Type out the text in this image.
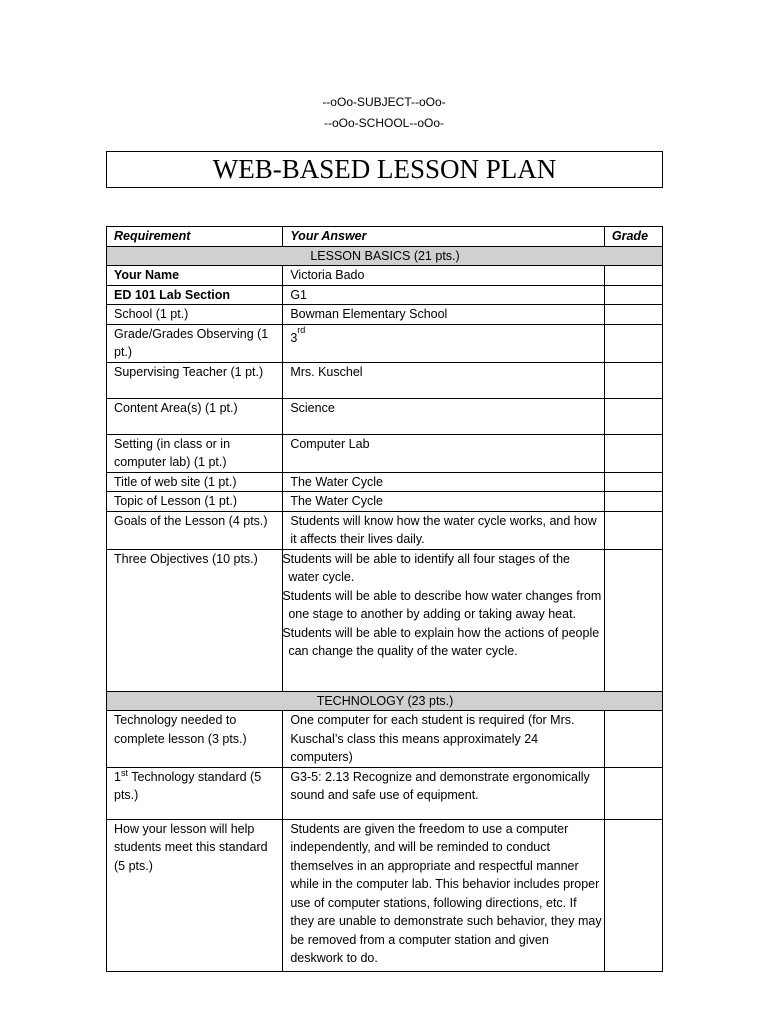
--oOo-SUBJECT--oOo-
--oOo-SCHOOL--oOo-
WEB-BASED LESSON PLAN
Requirement	Your Answer	Grade
LESSON BASICS (21 pts.)		
Your Name	Victoria Bado	
ED 101 Lab Section	G1	
School (1 pt.)	Bowman Elementary School	
Grade/Grades Observing (1 pt.)	3rd	
Supervising Teacher (1 pt.)	Mrs. Kuschel	
Content Area(s) (1 pt.)	Science	
Setting (in class or in computer lab) (1 pt.)	Computer Lab	
Title of web site (1 pt.)	The Water Cycle	
Topic of Lesson (1 pt.)	The Water Cycle	
Goals of the Lesson (4 pts.)	Students will know how the water cycle works, and how it affects their lives daily.	
Three Objectives (10 pts.)	Students will be able to identify all four stages of the water cycle.
Students will be able to describe how water changes from one stage to another by adding or taking away heat.
Students will be able to explain how the actions of people can change the quality of the water cycle.	

TECHNOLOGY (23 pts.)		
Technology needed to complete lesson (3 pts.)	One computer for each student is required (for Mrs. Kuschal’s class this means approximately 24 computers)	
1st Technology standard (5 pts.)	G3-5: 2.13 Recognize and demonstrate ergonomically sound and safe use of equipment.	
How your lesson will help students meet this standard (5 pts.)	Students are given the freedom to use a computer independently, and will be reminded to conduct themselves in an appropriate and respectful manner while in the computer lab. This behavior includes proper use of computer stations, following directions, etc. If they are unable to demonstrate such behavior, they may be removed from a computer station and given deskwork to do.	
